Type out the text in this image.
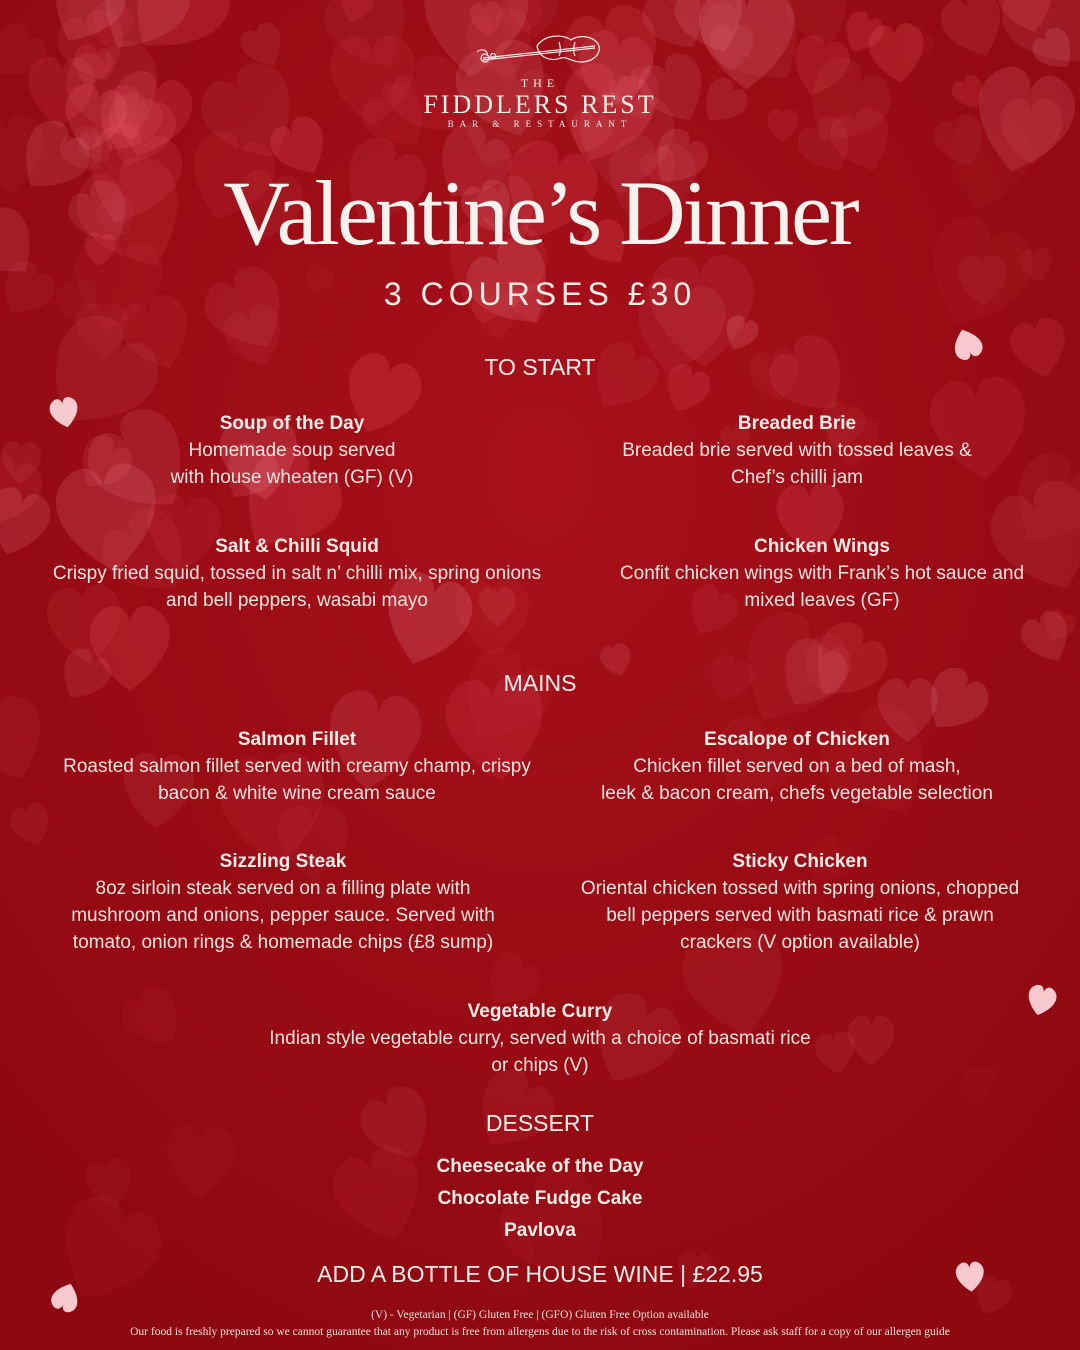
THE
FIDDLERS REST
BAR & RESTAURANT
Valentine’s Dinner
3 COURSES £30
TO START
Soup of the Day
Homemade soup served
with house wheaten (GF) (V)
Breaded Brie
Breaded brie served with tossed leaves &
Chef’s chilli jam
Salt & Chilli Squid
Crispy fried squid, tossed in salt n’ chilli mix, spring onions
and bell peppers, wasabi mayo
Chicken Wings
Confit chicken wings with Frank’s hot sauce and
mixed leaves (GF)
MAINS
Salmon Fillet
Roasted salmon fillet served with creamy champ, crispy
bacon & white wine cream sauce
Escalope of Chicken
Chicken fillet served on a bed of mash,
leek & bacon cream, chefs vegetable selection
Sizzling Steak
8oz sirloin steak served on a filling plate with
mushroom and onions, pepper sauce. Served with
tomato, onion rings & homemade chips (£8 sump)
Sticky Chicken
Oriental chicken tossed with spring onions, chopped
bell peppers served with basmati rice & prawn
crackers (V option available)
Vegetable Curry
Indian style vegetable curry, served with a choice of basmati rice
or chips (V)
DESSERT
Cheesecake of the Day
Chocolate Fudge Cake
Pavlova
ADD A BOTTLE OF HOUSE WINE | £22.95
(V) - Vegetarian | (GF) Gluten Free | (GFO) Gluten Free Option available
Our food is freshly prepared so we cannot guarantee that any product is free from allergens due to the risk of cross contamination. Please ask staff for a copy of our allergen guide
